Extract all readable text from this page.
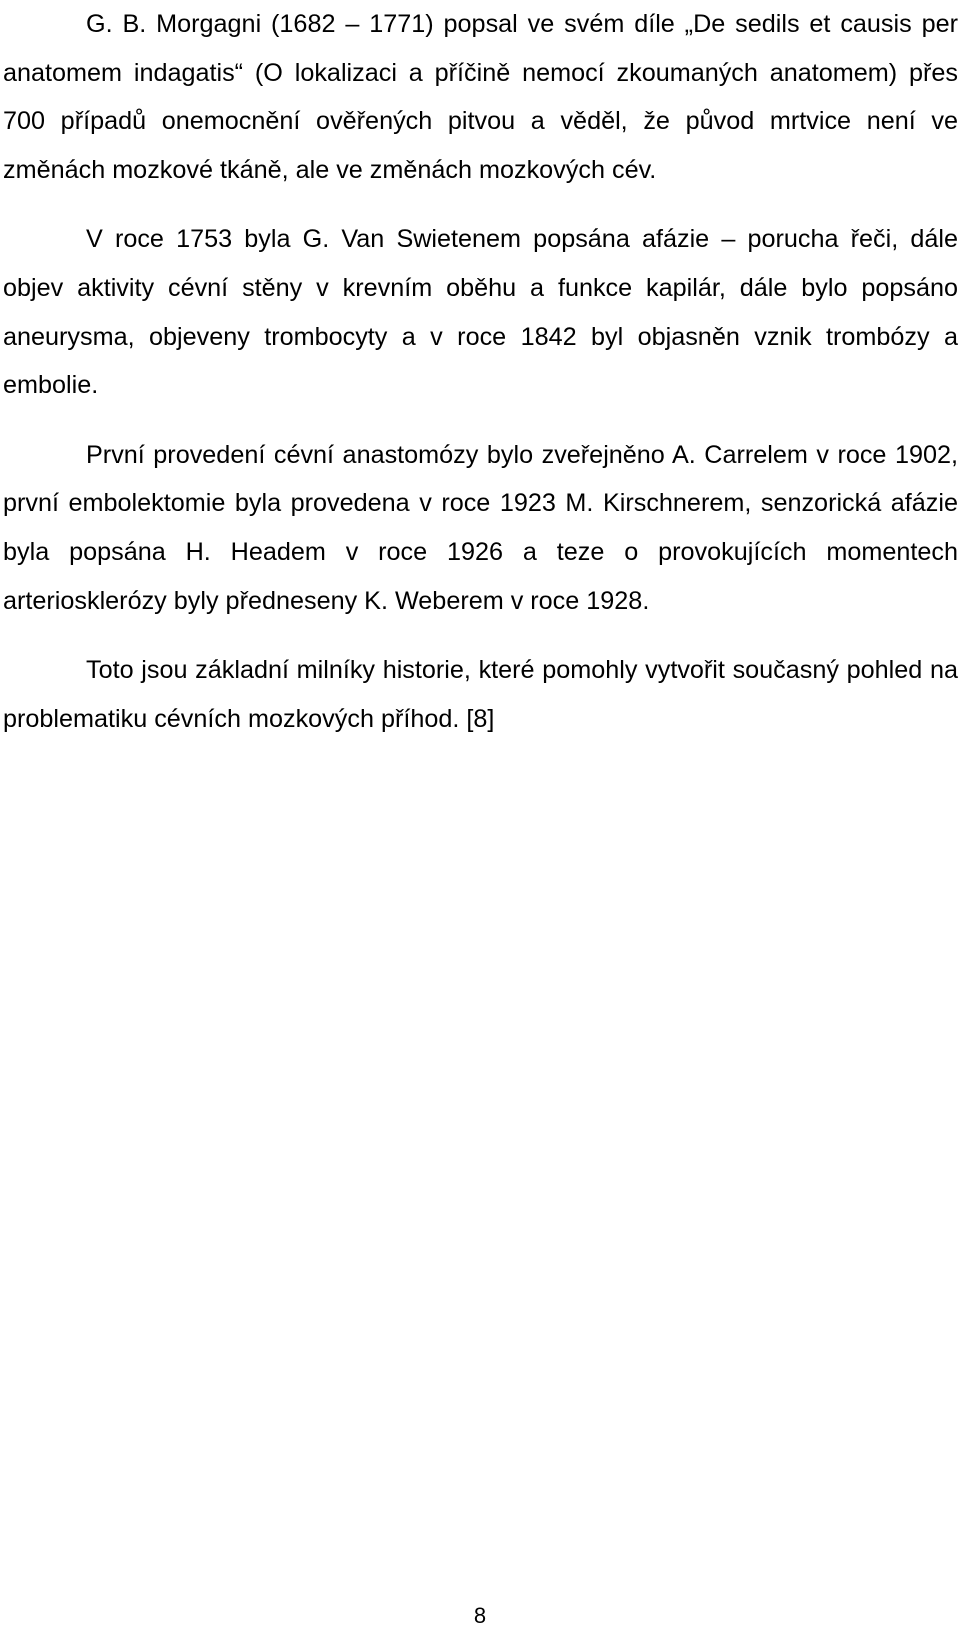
G. B. Morgagni (1682 – 1771) popsal ve svém díle „De sedils et causis per anatomem indagatis“ (O lokalizaci a příčině nemocí zkoumaných anatomem) přes 700 případů onemocnění ověřených pitvou a věděl, že původ mrtvice není ve změnách mozkové tkáně, ale ve změnách mozkových cév.

V roce 1753 byla G. Van Swietenem popsána afázie – porucha řeči, dále objev aktivity cévní stěny v krevním oběhu a funkce kapilár, dále bylo popsáno aneurysma, objeveny trombocyty a v roce 1842 byl objasněn vznik trombózy a embolie.

První provedení cévní anastomózy bylo zveřejněno A. Carrelem v roce 1902, první embolektomie byla provedena v roce 1923 M. Kirschnerem, senzorická afázie byla popsána H. Headem v roce 1926 a teze o provokujících momentech arteriosklerózy byly předneseny K. Weberem v roce 1928.

Toto jsou základní milníky historie, které pomohly vytvořit současný pohled na problematiku cévních mozkových příhod. [8]

8
